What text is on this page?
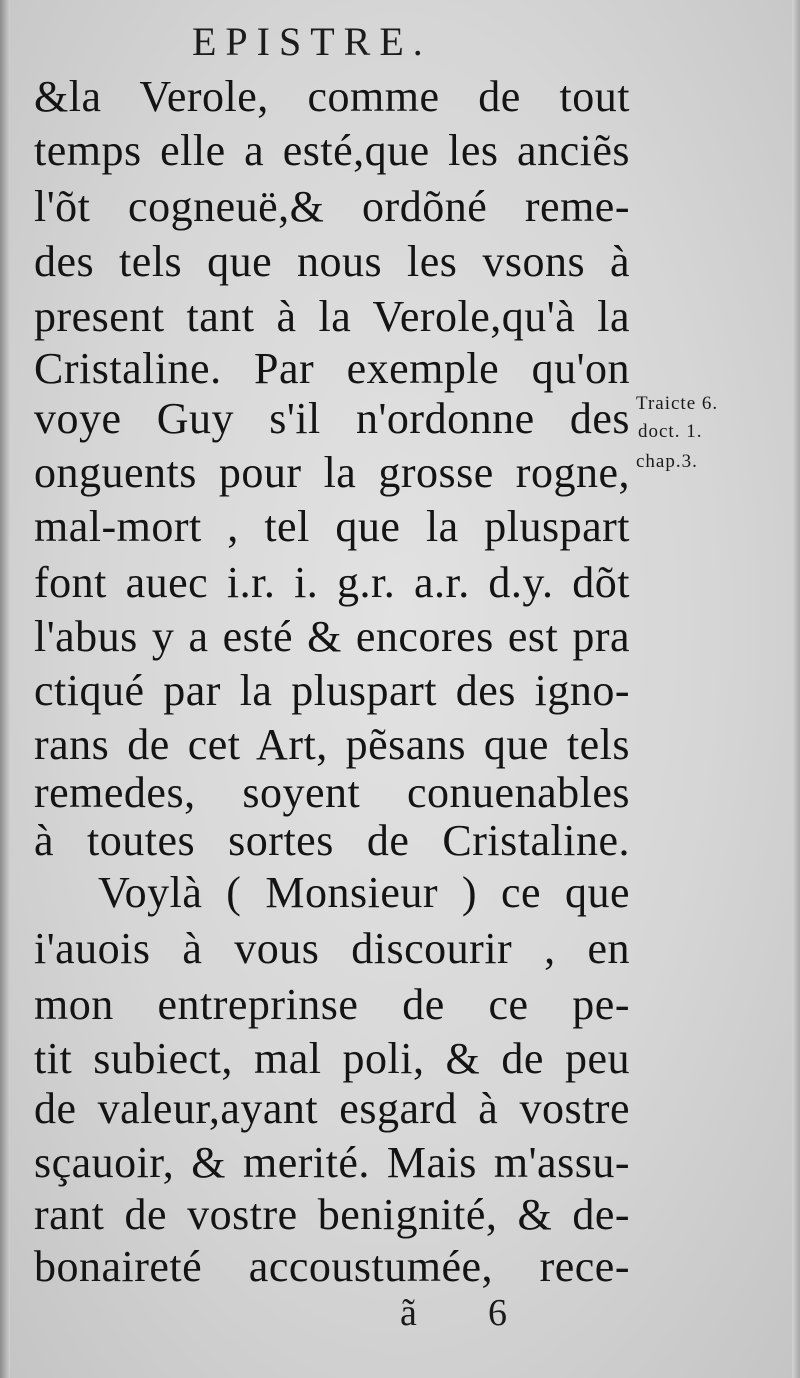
EPISTRE.
&la Verole, comme de tout
temps elle a esté,que les anciẽs
l'õt cogneuë,& ordõné reme-
des tels que nous les vsons à
present tant à la Verole,qu'à la
Cristaline. Par exemple qu'on
voye Guy s'il n'ordonne des
onguents pour la grosse rogne,
mal-mort , tel que la pluspart
font auec i.r. i. g.r. a.r. d.y. dõt
l'abus y a esté & encores est pra
ctiqué par la pluspart des igno-
rans de cet Art, pẽsans que tels
remedes, soyent conuenables
à toutes sortes de Cristaline.
Voylà ( Monsieur ) ce que
i'auois à vous discourir , en
mon entreprinse de ce pe-
tit subiect, mal poli, & de peu
de valeur,ayant esgard à vostre
sçauoir, & merité. Mais m'assu-
rant de vostre benignité, & de-
bonaireté accoustumée, rece-
Traicte 6.
doct. 1.
chap.3.
ã 6
